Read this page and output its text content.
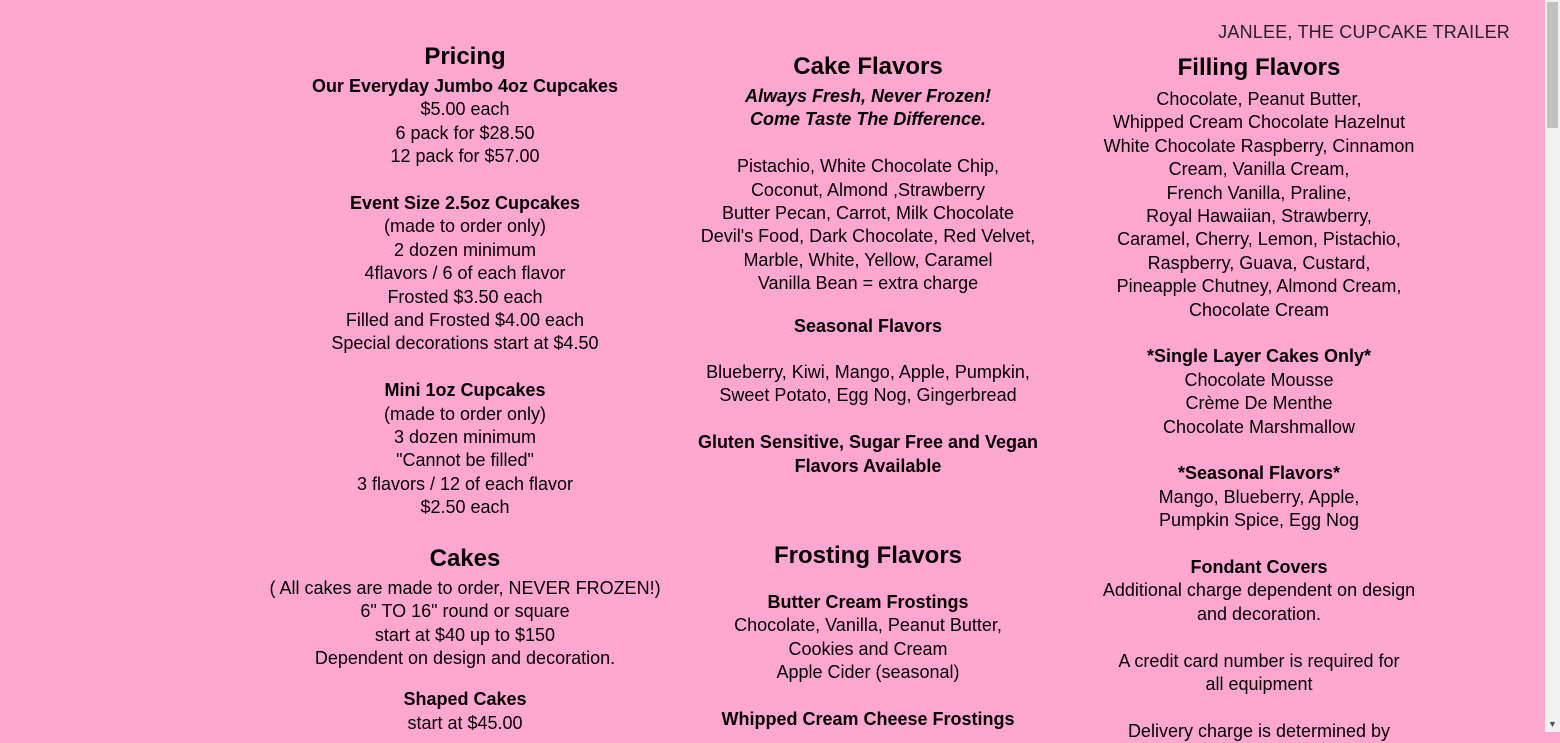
JANLEE, THE CUPCAKE TRAILER
Pricing

Our Everyday Jumbo 4oz Cupcakes

$5.00 each

6 pack for $28.50

12 pack for $57.00

Event Size 2.5oz Cupcakes

(made to order only)

2 dozen minimum

4flavors / 6 of each flavor

Frosted $3.50 each

Filled and Frosted $4.00 each

Special decorations start at $4.50

Mini 1oz Cupcakes

(made to order only)

3 dozen minimum

"Cannot be filled"

3 flavors / 12 of each flavor

$2.50 each

Cakes

( All cakes are made to order, NEVER FROZEN!)

6" TO 16" round or square

start at $40 up to $150

Dependent on design and decoration.

Shaped Cakes

start at $45.00

Cake Flavors

Always Fresh, Never Frozen!

Come Taste The Difference.

Pistachio, White Chocolate Chip,

Coconut, Almond ,Strawberry

Butter Pecan, Carrot, Milk Chocolate

Devil's Food, Dark Chocolate, Red Velvet,

Marble, White, Yellow, Caramel

Vanilla Bean = extra charge

Seasonal Flavors

Blueberry, Kiwi, Mango, Apple, Pumpkin,

Sweet Potato, Egg Nog, Gingerbread

Gluten Sensitive, Sugar Free and Vegan

Flavors Available

Frosting Flavors

Butter Cream Frostings

Chocolate, Vanilla, Peanut Butter,

Cookies and Cream

Apple Cider (seasonal)

Whipped Cream Cheese Frostings

Filling Flavors

Chocolate, Peanut Butter,

Whipped Cream Chocolate Hazelnut

White Chocolate Raspberry, Cinnamon

Cream, Vanilla Cream,

French Vanilla, Praline,

Royal Hawaiian, Strawberry,

Caramel, Cherry, Lemon, Pistachio,

Raspberry, Guava, Custard,

Pineapple Chutney, Almond Cream,

Chocolate Cream

*Single Layer Cakes Only*

Chocolate Mousse

Crème De Menthe

Chocolate Marshmallow

*Seasonal Flavors*

Mango, Blueberry, Apple,

Pumpkin Spice, Egg Nog

Fondant Covers

Additional charge dependent on design

and decoration.

A credit card number is required for

all equipment

Delivery charge is determined by	▼
